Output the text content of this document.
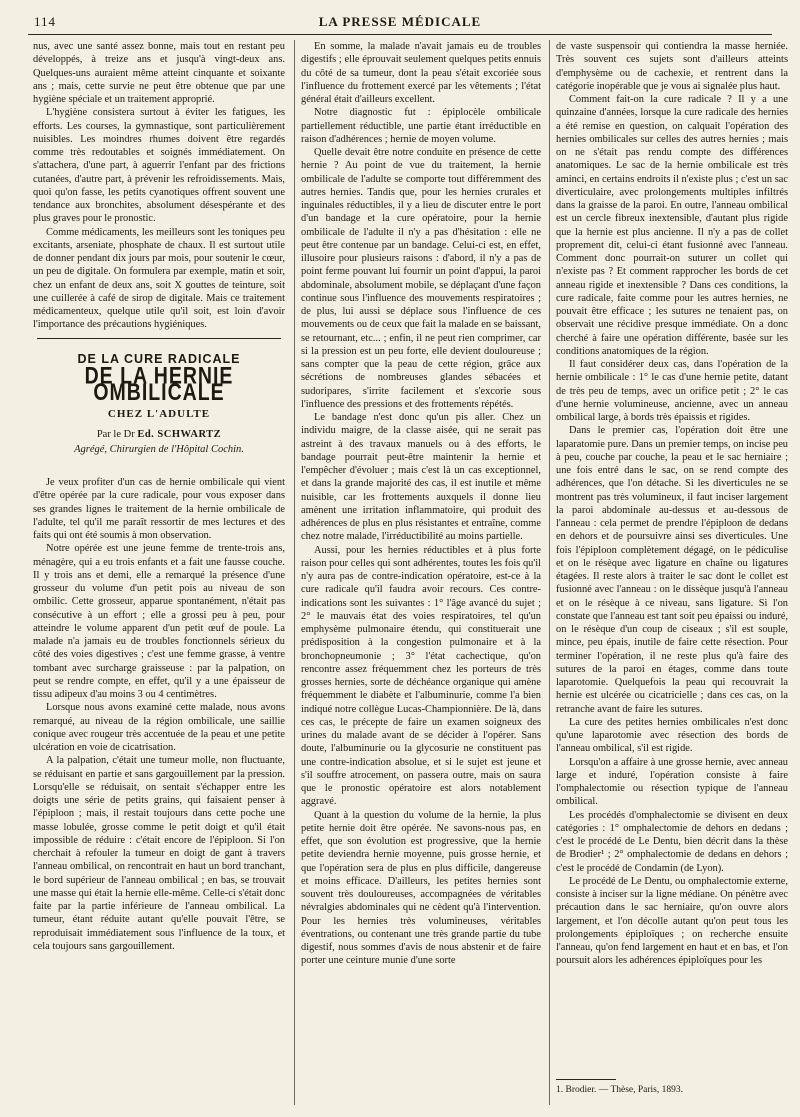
114	LA PRESSE MÉDICALE

nus, avec une santé assez bonne, mais tout en restant peu développés, à treize ans et jusqu'à vingt-deux ans. Quelques-uns auraient même atteint cinquante et soixante ans ; mais, cette survie ne peut être obtenue que par une hygiène spéciale et un traitement approprié.

L'hygiène consistera surtout à éviter les fatigues, les efforts. Les courses, la gymnastique, sont particulièrement nuisibles. Les moindres rhumes doivent être regardés comme très redoutables et soignés immédiatement. On s'attachera, d'une part, à aguerrir l'enfant par des frictions cutanées, d'autre part, à prévenir les refroidissements. Mais, quoi qu'on fasse, les petits cyanotiques offrent souvent une tendance aux bronchites, absolument désespérante et des plus graves pour le pronostic.

Comme médicaments, les meilleurs sont les toniques peu excitants, arseniate, phosphate de chaux. Il est surtout utile de donner pendant dix jours par mois, pour soutenir le cœur, un peu de digitale. On formulera par exemple, matin et soir, chez un enfant de deux ans, soit X gouttes de teinture, soit une cuillerée à café de sirop de digitale. Mais ce traitement médicamenteux, quelque utile qu'il soit, est loin d'avoir l'importance des précautions hygiéniques.

DE LA CURE RADICALE
DE LA HERNIE OMBILICALE
CHEZ L'ADULTE
Par le Dr Ed. SCHWARTZ
Agrégé, Chirurgien de l'Hôpital Cochin.

Je veux profiter d'un cas de hernie ombilicale qui vient d'être opérée par la cure radicale, pour vous exposer dans ses grandes lignes le traitement de la hernie ombilicale de l'adulte, tel qu'il me paraît ressortir de mes lectures et des faits qui ont été soumis à mon observation.

Notre opérée est une jeune femme de trente-trois ans, ménagère, qui a eu trois enfants et a fait une fausse couche. Il y trois ans et demi, elle a remarqué la présence d'une grosseur du volume d'un petit pois au niveau de son ombilic. Cette grosseur, apparue spontanément, n'était pas consécutive à un effort ; elle a grossi peu à peu, pour atteindre le volume apparent d'un petit œuf de poule. La malade n'a jamais eu de troubles fonctionnels sérieux du côté des voies digestives ; c'est une femme grasse, à ventre tombant avec surcharge graisseuse : par la palpation, on peut se rendre compte, en effet, qu'il y a une épaisseur de tissu adipeux d'au moins 3 ou 4 centimètres.

Lorsque nous avons examiné cette malade, nous avons remarqué, au niveau de la région ombilicale, une saillie conique avec rougeur très accentuée de la peau et une petite ulcération en voie de cicatrisation.

A la palpation, c'était une tumeur molle, non fluctuante, se réduisant en partie et sans gargouillement par la pression. Lorsqu'elle se réduisait, on sentait s'échapper entre les doigts une série de petits grains, qui faisaient penser à l'épiploon ; mais, il restait toujours dans cette poche une masse lobulée, grosse comme le petit doigt et qu'il était impossible de réduire : c'était encore de l'épiploon. Si l'on cherchait à refouler la tumeur en doigt de gant à travers l'anneau ombilical, on rencontrait en haut un bord tranchant, le bord supérieur de l'anneau ombilical ; en bas, se trouvait une masse qui était la hernie elle-même. Celle-ci s'était donc faite par la partie inférieure de l'anneau ombilical. La tumeur, étant réduite autant qu'elle pouvait l'être, se reproduisait immédiatement sous l'influence de la toux, et cela toujours sans gargouillement.

En somme, la malade n'avait jamais eu de troubles digestifs ; elle éprouvait seulement quelques petits ennuis du côté de sa tumeur, dont la peau s'était excoriée sous l'influence du frottement exercé par les vêtements ; l'état général était d'ailleurs excellent.

Notre diagnostic fut : épiplocèle ombilicale partiellement réductible, une partie étant irréductible en raison d'adhérences ; hernie de moyen volume.

Quelle devait être notre conduite en présence de cette hernie ? Au point de vue du traitement, la hernie ombilicale de l'adulte se comporte tout différemment des autres hernies. Tandis que, pour les hernies crurales et inguinales réductibles, il y a lieu de discuter entre le port d'un bandage et la cure opératoire, pour la hernie ombilicale de l'adulte il n'y a pas d'hésitation : elle ne peut être contenue par un bandage. Celui-ci est, en effet, illusoire pour plusieurs raisons : d'abord, il n'y a pas de point ferme pouvant lui fournir un point d'appui, la paroi abdominale, absolument mobile, se déplaçant d'une façon continue sous l'influence des mouvements respiratoires ; de plus, lui aussi se déplace sous l'influence de ces mouvements ou de ceux que fait la malade en se baissant, se retournant, etc... ; enfin, il ne peut rien comprimer, car si la pression est un peu forte, elle devient douloureuse ; sans compter que la peau de cette région, grâce aux sécrétions de nombreuses glandes sébacées et sudoripares, s'irrite facilement et s'excorie sous l'influence des pressions et des frottements répétés.

Le bandage n'est donc qu'un pis aller. Chez un individu maigre, de la classe aisée, qui ne serait pas astreint à des travaux manuels ou à des efforts, le bandage pourrait peut-être maintenir la hernie et l'empêcher d'évoluer ; mais c'est là un cas exceptionnel, et dans la grande majorité des cas, il est inutile et même nuisible, car les frottements auxquels il donne lieu amènent une irritation inflammatoire, qui produit des adhérences de plus en plus résistantes et entraîne, comme chez notre malade, l'irréductibilité au moins partielle.

Aussi, pour les hernies réductibles et à plus forte raison pour celles qui sont adhérentes, toutes les fois qu'il n'y aura pas de contre-indication opératoire, est-ce à la cure radicale qu'il faudra avoir recours. Ces contre-indications sont les suivantes : 1° l'âge avancé du sujet ; 2° le mauvais état des voies respiratoires, tel qu'un emphysème pulmonaire étendu, qui constituerait une prédisposition à la congestion pulmonaire et à la bronchopneumonie ; 3° l'état cachectique, qu'on rencontre assez fréquemment chez les porteurs de très grosses hernies, sorte de déchéance organique qui amène fréquemment le diabète et l'albuminurie, comme l'a bien indiqué notre collègue Lucas-Championnière. De là, dans ces cas, le précepte de faire un examen soigneux des urines du malade avant de se décider à l'opérer. Sans doute, l'albuminurie ou la glycosurie ne constituent pas une contre-indication absolue, et si le sujet est jeune et s'il souffre atrocement, on passera outre, mais on saura que le pronostic opératoire est alors notablement aggravé.

Quant à la question du volume de la hernie, la plus petite hernie doit être opérée. Ne savons-nous pas, en effet, que son évolution est progressive, que la hernie petite deviendra hernie moyenne, puis grosse hernie, et que l'opération sera de plus en plus difficile, dangereuse et moins efficace. D'ailleurs, les petites hernies sont souvent très douloureuses, accompagnées de véritables névralgies abdominales qui ne cèdent qu'à l'intervention. Pour les hernies très volumineuses, véritables éventrations, ou contenant une très grande partie du tube digestif, nous sommes d'avis de nous abstenir et de faire porter une ceinture munie d'une sorte

de vaste suspensoir qui contiendra la masse herniée. Très souvent ces sujets sont d'ailleurs atteints d'emphysème ou de cachexie, et rentrent dans la catégorie inopérable que je vous ai signalée plus haut.

Comment fait-on la cure radicale ? Il y a une quinzaine d'années, lorsque la cure radicale des hernies a été remise en question, on calquait l'opération des hernies ombilicales sur celles des autres hernies ; mais on ne s'était pas rendu compte des différences anatomiques. Le sac de la hernie ombilicale est très aminci, en certains endroits il n'existe plus ; c'est un sac diverticulaire, avec prolongements multiples infiltrés dans la graisse de la paroi. En outre, l'anneau ombilical est un cercle fibreux inextensible, d'autant plus rigide que la hernie est plus ancienne. Il n'y a pas de collet proprement dit, celui-ci étant fusionné avec l'anneau. Comment donc pourrait-on suturer un collet qui n'existe pas ? Et comment rapprocher les bords de cet anneau rigide et inextensible ? Dans ces conditions, la cure radicale, faite comme pour les autres hernies, ne pouvait être efficace ; les sutures ne tenaient pas, on observait une récidive presque immédiate. On a donc cherché à faire une opération différente, basée sur les conditions anatomiques de la région.

Il faut considérer deux cas, dans l'opération de la hernie ombilicale : 1° le cas d'une hernie petite, datant de très peu de temps, avec un orifice petit ; 2° le cas d'une hernie volumineuse, ancienne, avec un anneau ombilical large, à bords très épaissis et rigides.

Dans le premier cas, l'opération doit être une laparatomie pure. Dans un premier temps, on incise peu à peu, couche par couche, la peau et le sac herniaire ; une fois entré dans le sac, on se rend compte des adhérences, que l'on détache. Si les diverticules ne se montrent pas très volumineux, il faut inciser largement la paroi abdominale au-dessus et au-dessous de l'anneau : cela permet de prendre l'épiploon de dedans en dehors et de poursuivre ainsi ses diverticules. Une fois l'épiploon complètement dégagé, on le pédiculise et on le résèque avec ligature en chaîne ou ligatures étagées. Il reste alors à traiter le sac dont le collet est fusionné avec l'anneau : on le dissèque jusqu'à l'anneau et on le résèque à ce niveau, sans ligature. Si l'on constate que l'anneau est tant soit peu épaissi ou induré, on le résèque d'un coup de ciseaux ; s'il est souple, mince, peu épais, inutile de faire cette résection. Pour terminer l'opération, il ne reste plus qu'à faire des sutures de la paroi en étages, comme dans toute laparotomie. Quelquefois la peau qui recouvrait la hernie est ulcérée ou cicatricielle ; dans ces cas, on la retranche avant de faire les sutures.

La cure des petites hernies ombilicales n'est donc qu'une laparotomie avec résection des bords de l'anneau ombilical, s'il est rigide.

Lorsqu'on a affaire à une grosse hernie, avec anneau large et induré, l'opération consiste à faire l'omphalectomie ou résection typique de l'anneau ombilical.

Les procédés d'omphalectomie se divisent en deux catégories : 1° omphalectomie de dehors en dedans ; c'est le procédé de Le Dentu, bien décrit dans la thèse de Brodier¹ ; 2° omphalectomie de dedans en dehors ; c'est le procédé de Condamin (de Lyon).

Le procédé de Le Dentu, ou omphalectomie externe, consiste à inciser sur la ligne médiane. On pénètre avec précaution dans le sac herniaire, qu'on ouvre alors largement, et l'on décolle autant qu'on peut tous les prolongements épiploïques ; on recherche ensuite l'anneau, qu'on fend largement en haut et en bas, et l'on poursuit alors les adhérences épiploïques pour les

1. Brodier. — Thèse, Paris, 1893.
